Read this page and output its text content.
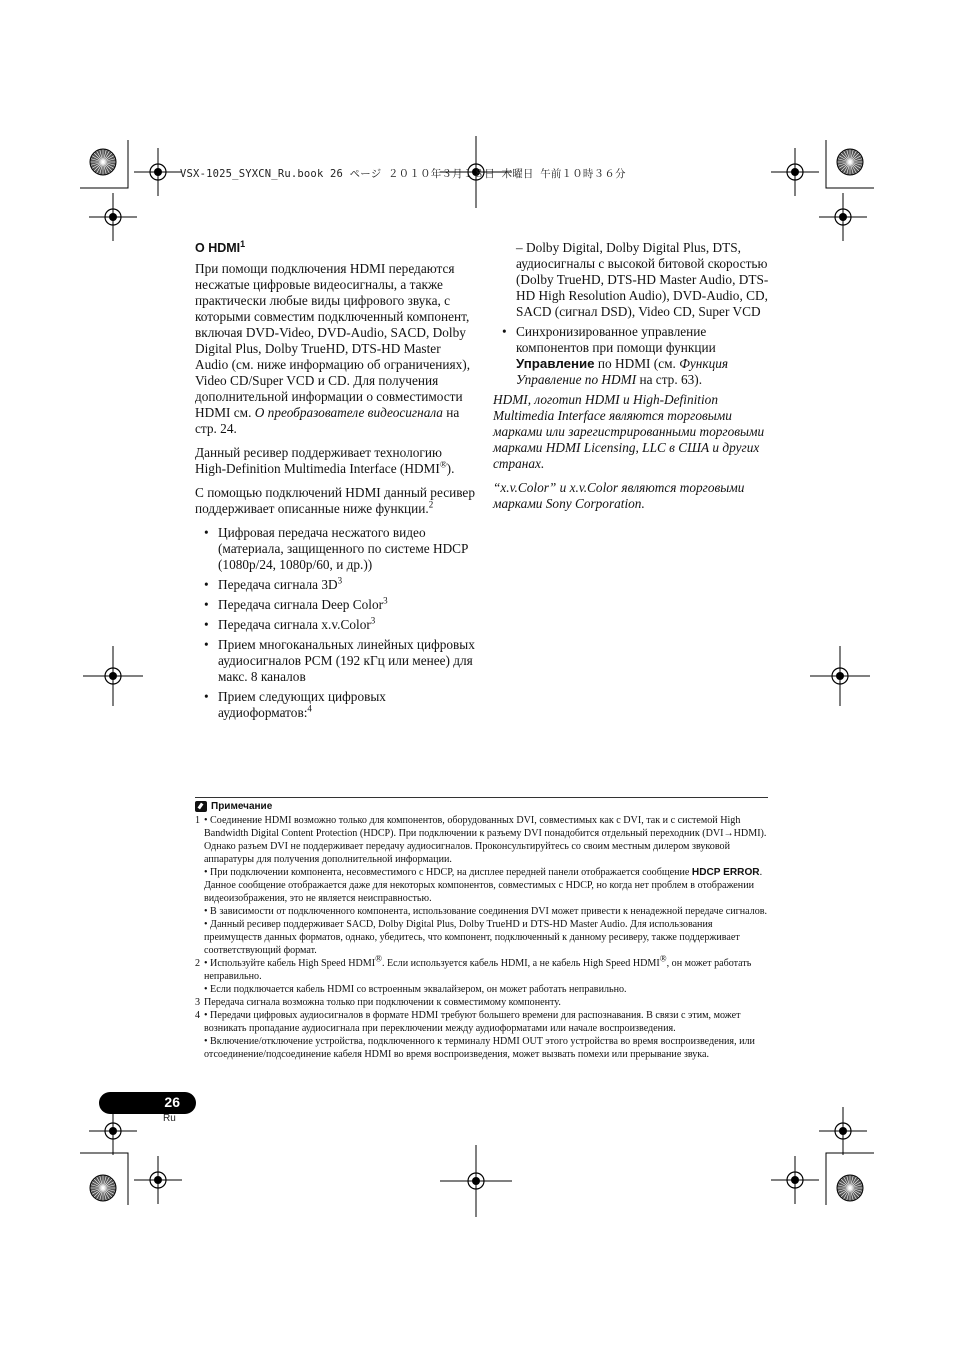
VSX-1025_SYXCN_Ru.book 26 ページ ２０１０年３月１８日 木曜日 午前１０時３６分
О HDMI$^1$

При помощи подключения HDMI передаются несжатые цифровые видеосигналы, а также практически любые виды цифрового звука, с которыми совместим подключенный компонент, включая DVD-Video, DVD-Audio, SACD, Dolby Digital Plus, Dolby TrueHD, DTS-HD Master Audio (см. ниже информацию об ограничениях), Video CD/Super VCD и CD. Для получения дополнительной информации о совместимости HDMI см. О преобразователе видеосигнала на стр. 24.

Данный ресивер поддерживает технологию High-Definition Multimedia Interface (HDMI®).

С помощью подключений HDMI данный ресивер поддерживает описанные ниже функции.$^2$

• Цифровая передача несжатого видео (материала, защищенного по системе HDCP (1080p/24, 1080p/60, и др.))
• Передача сигнала $3D^3$
• Передача сигнала Deep Color$^3$
• Передача сигнала x.v.Color$^3$
• Прием многоканальных линейных цифровых аудиосигналов PCM (192 кГц или менее) для макс. 8 каналов
• Прием следующих цифровых аудиоформатов:$^4$
– Dolby Digital, Dolby Digital Plus, DTS, аудиосигналы с высокой битовой скоростью (Dolby TrueHD, DTS-HD Master Audio, DTS-HD High Resolution Audio), DVD-Audio, CD, SACD (сигнал DSD), Video CD, Super VCD
• Синхронизированное управление компонентов при помощи функции Управление по HDMI (см. Функция Управление по HDMI на стр. 63).

HDMI, логотип HDMI и High-Definition Multimedia Interface являются торговыми марками или зарегистрированными торговыми марками HDMI Licensing, LLC в США и других странах.

“x.v.Color” и x.v.Color являются торговыми марками Sony Corporation.

Примечание
1 • Соединение HDMI возможно только для компонентов, оборудованных DVI, совместимых как с DVI, так и с системой High Bandwidth Digital Content Protection (HDCP). При подключении к разъему DVI понадобится отдельный переходник (DVI→HDMI). Однако разъем DVI не поддерживает передачу аудиосигналов. Проконсультируйтесь со своим местным дилером звуковой аппаратуры для получения дополнительной информации.
• При подключении компонента, несовместимого с HDCP, на дисплее передней панели отображается сообщение HDCP ERROR. Данное сообщение отображается даже для некоторых компонентов, совместимых с HDCP, но когда нет проблем в отображении видеоизображения, это не является неисправностью.
• В зависимости от подключенного компонента, использование соединения DVI может привести к ненадежной передаче сигналов.
• Данный ресивер поддерживает SACD, Dolby Digital Plus, Dolby TrueHD и DTS-HD Master Audio. Для использования преимуществ данных форматов, однако, убедитесь, что компонент, подключенный к данному ресиверу, также поддерживает соответствующий формат.
2 • Используйте кабель High Speed HDMI®. Если используется кабель HDMI, а не кабель High Speed HDMI®, он может работать неправильно.
• Если подключается кабель HDMI со встроенным эквалайзером, он может работать неправильно.
3 Передача сигнала возможна только при подключении к совместимому компоненту.
4 • Передачи цифровых аудиосигналов в формате HDMI требуют большего времени для распознавания. В связи с этим, может возникать пропадание аудиосигнала при переключении между аудиоформатами или начале воспроизведения.
• Включение/отключение устройства, подключенного к терминалу HDMI OUT этого устройства во время воспроизведения, или отсоединение/подсоединение кабеля HDMI во время воспроизведения, может вызвать помехи или прерывание звука.
26
Ru
